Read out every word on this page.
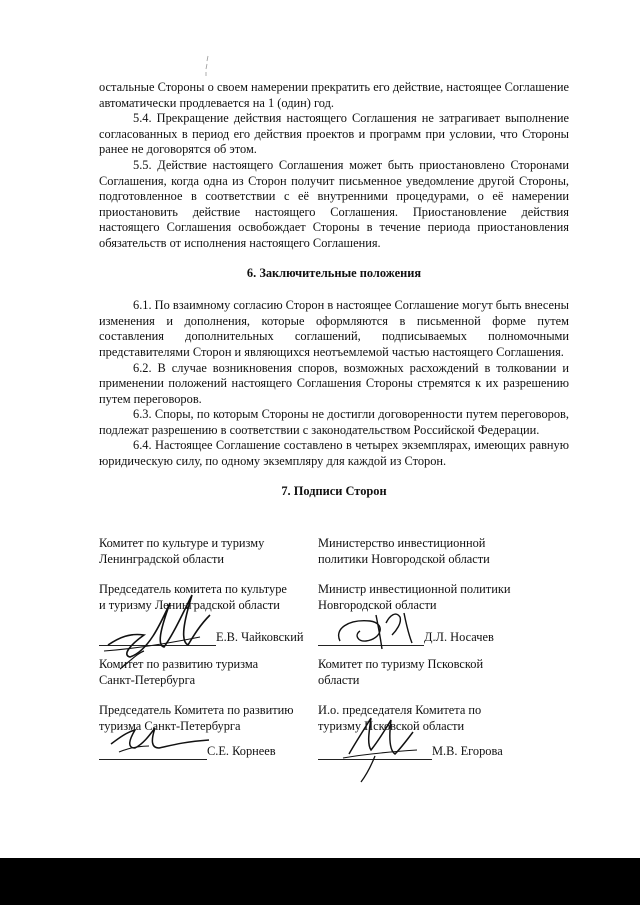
остальные Стороны о своем намерении прекратить его действие, настоящее Соглашение автоматически продлевается на 1 (один) год.

5.4. Прекращение действия настоящего Соглашения не затрагивает выполнение согласованных в период его действия проектов и программ при условии, что Стороны ранее не договорятся об этом.

5.5. Действие настоящего Соглашения может быть приостановлено Сторонами Соглашения, когда одна из Сторон получит письменное уведомление другой Стороны, подготовленное в соответствии с её внутренними процедурами, о её намерении приостановить действие настоящего Соглашения. Приостановление действия настоящего Соглашения освобождает Стороны в течение периода приостановления обязательств от исполнения настоящего Соглашения.

6. Заключительные положения

6.1. По взаимному согласию Сторон в настоящее Соглашение могут быть внесены изменения и дополнения, которые оформляются в письменной форме путем составления дополнительных соглашений, подписываемых полномочными представителями Сторон и являющихся неотъемлемой частью настоящего Соглашения.

6.2. В случае возникновения споров, возможных расхождений в толковании и применении положений настоящего Соглашения Стороны стремятся к их разрешению путем переговоров.

6.3. Споры, по которым Стороны не достигли договоренности путем переговоров, подлежат разрешению в соответствии с законодательством Российской Федерации.

6.4. Настоящее Соглашение составлено в четырех экземплярах, имеющих равную юридическую силу, по одному экземпляру для каждой из Сторон.

7. Подписи Сторон

Комитет по культуре и туризму
Ленинградской области
Председатель комитета по культуре
и туризму Ленинградской области
Е.В. Чайковский
Министерство инвестиционной
политики Новгородской области
Министр инвестиционной политики
Новгородской области
Д.Л. Носачев
Комитет по развитию туризма
Санкт-Петербурга
Председатель Комитета по развитию
туризма Санкт-Петербурга
С.Е. Корнеев
Комитет по туризму Псковской
области
И.о. председателя Комитета по
туризму Псковской области
М.В. Егорова
